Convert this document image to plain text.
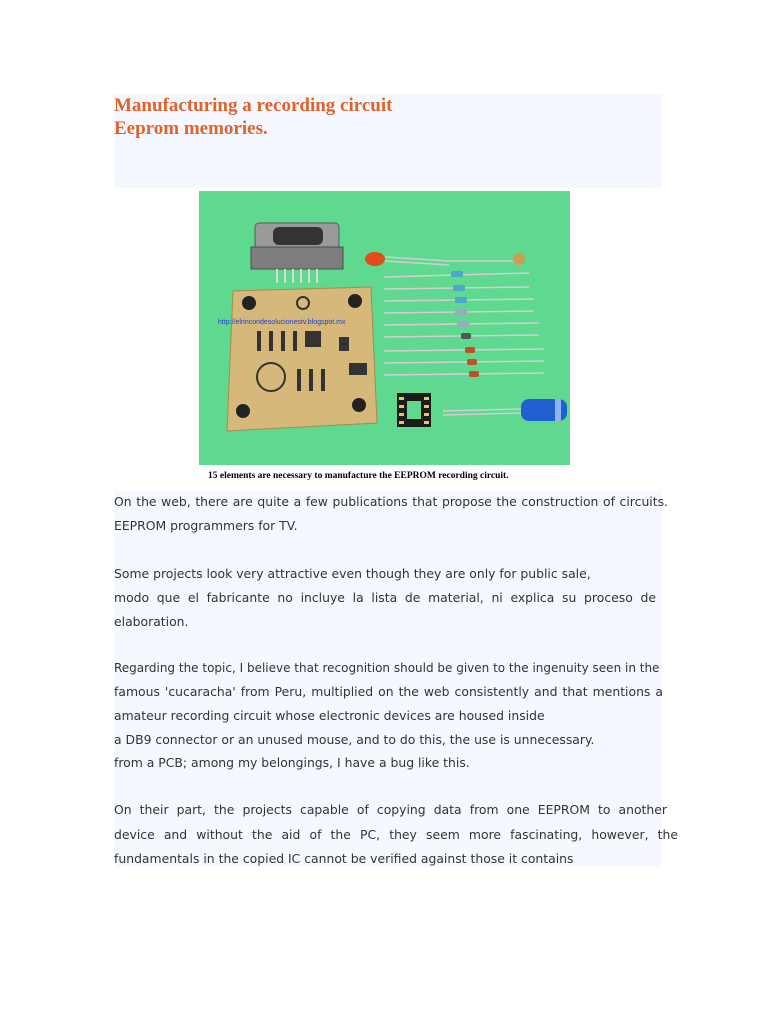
Manufacturing a recording circuit
Eeprom memories.
http://elrincondesolucionestv.blogspot.mx
15 elements are necessary to manufacture the EEPROM recording circuit.
On the web, there are quite a few publications that propose the construction of circuits.
EEPROM programmers for TV.
Some projects look very attractive even though they are only for public sale,
modo que el fabricante no incluye la lista de material, ni explica su proceso de
elaboration.
Regarding the topic, I believe that recognition should be given to the ingenuity seen in the
famous 'cucaracha' from Peru, multiplied on the web consistently and that mentions a
amateur recording circuit whose electronic devices are housed inside
a DB9 connector or an unused mouse, and to do this, the use is unnecessary.
from a PCB; among my belongings, I have a bug like this.
On their part, the projects capable of copying data from one EEPROM to another
device and without the aid of the PC, they seem more fascinating, however, the
fundamentals in the copied IC cannot be verified against those it contains
